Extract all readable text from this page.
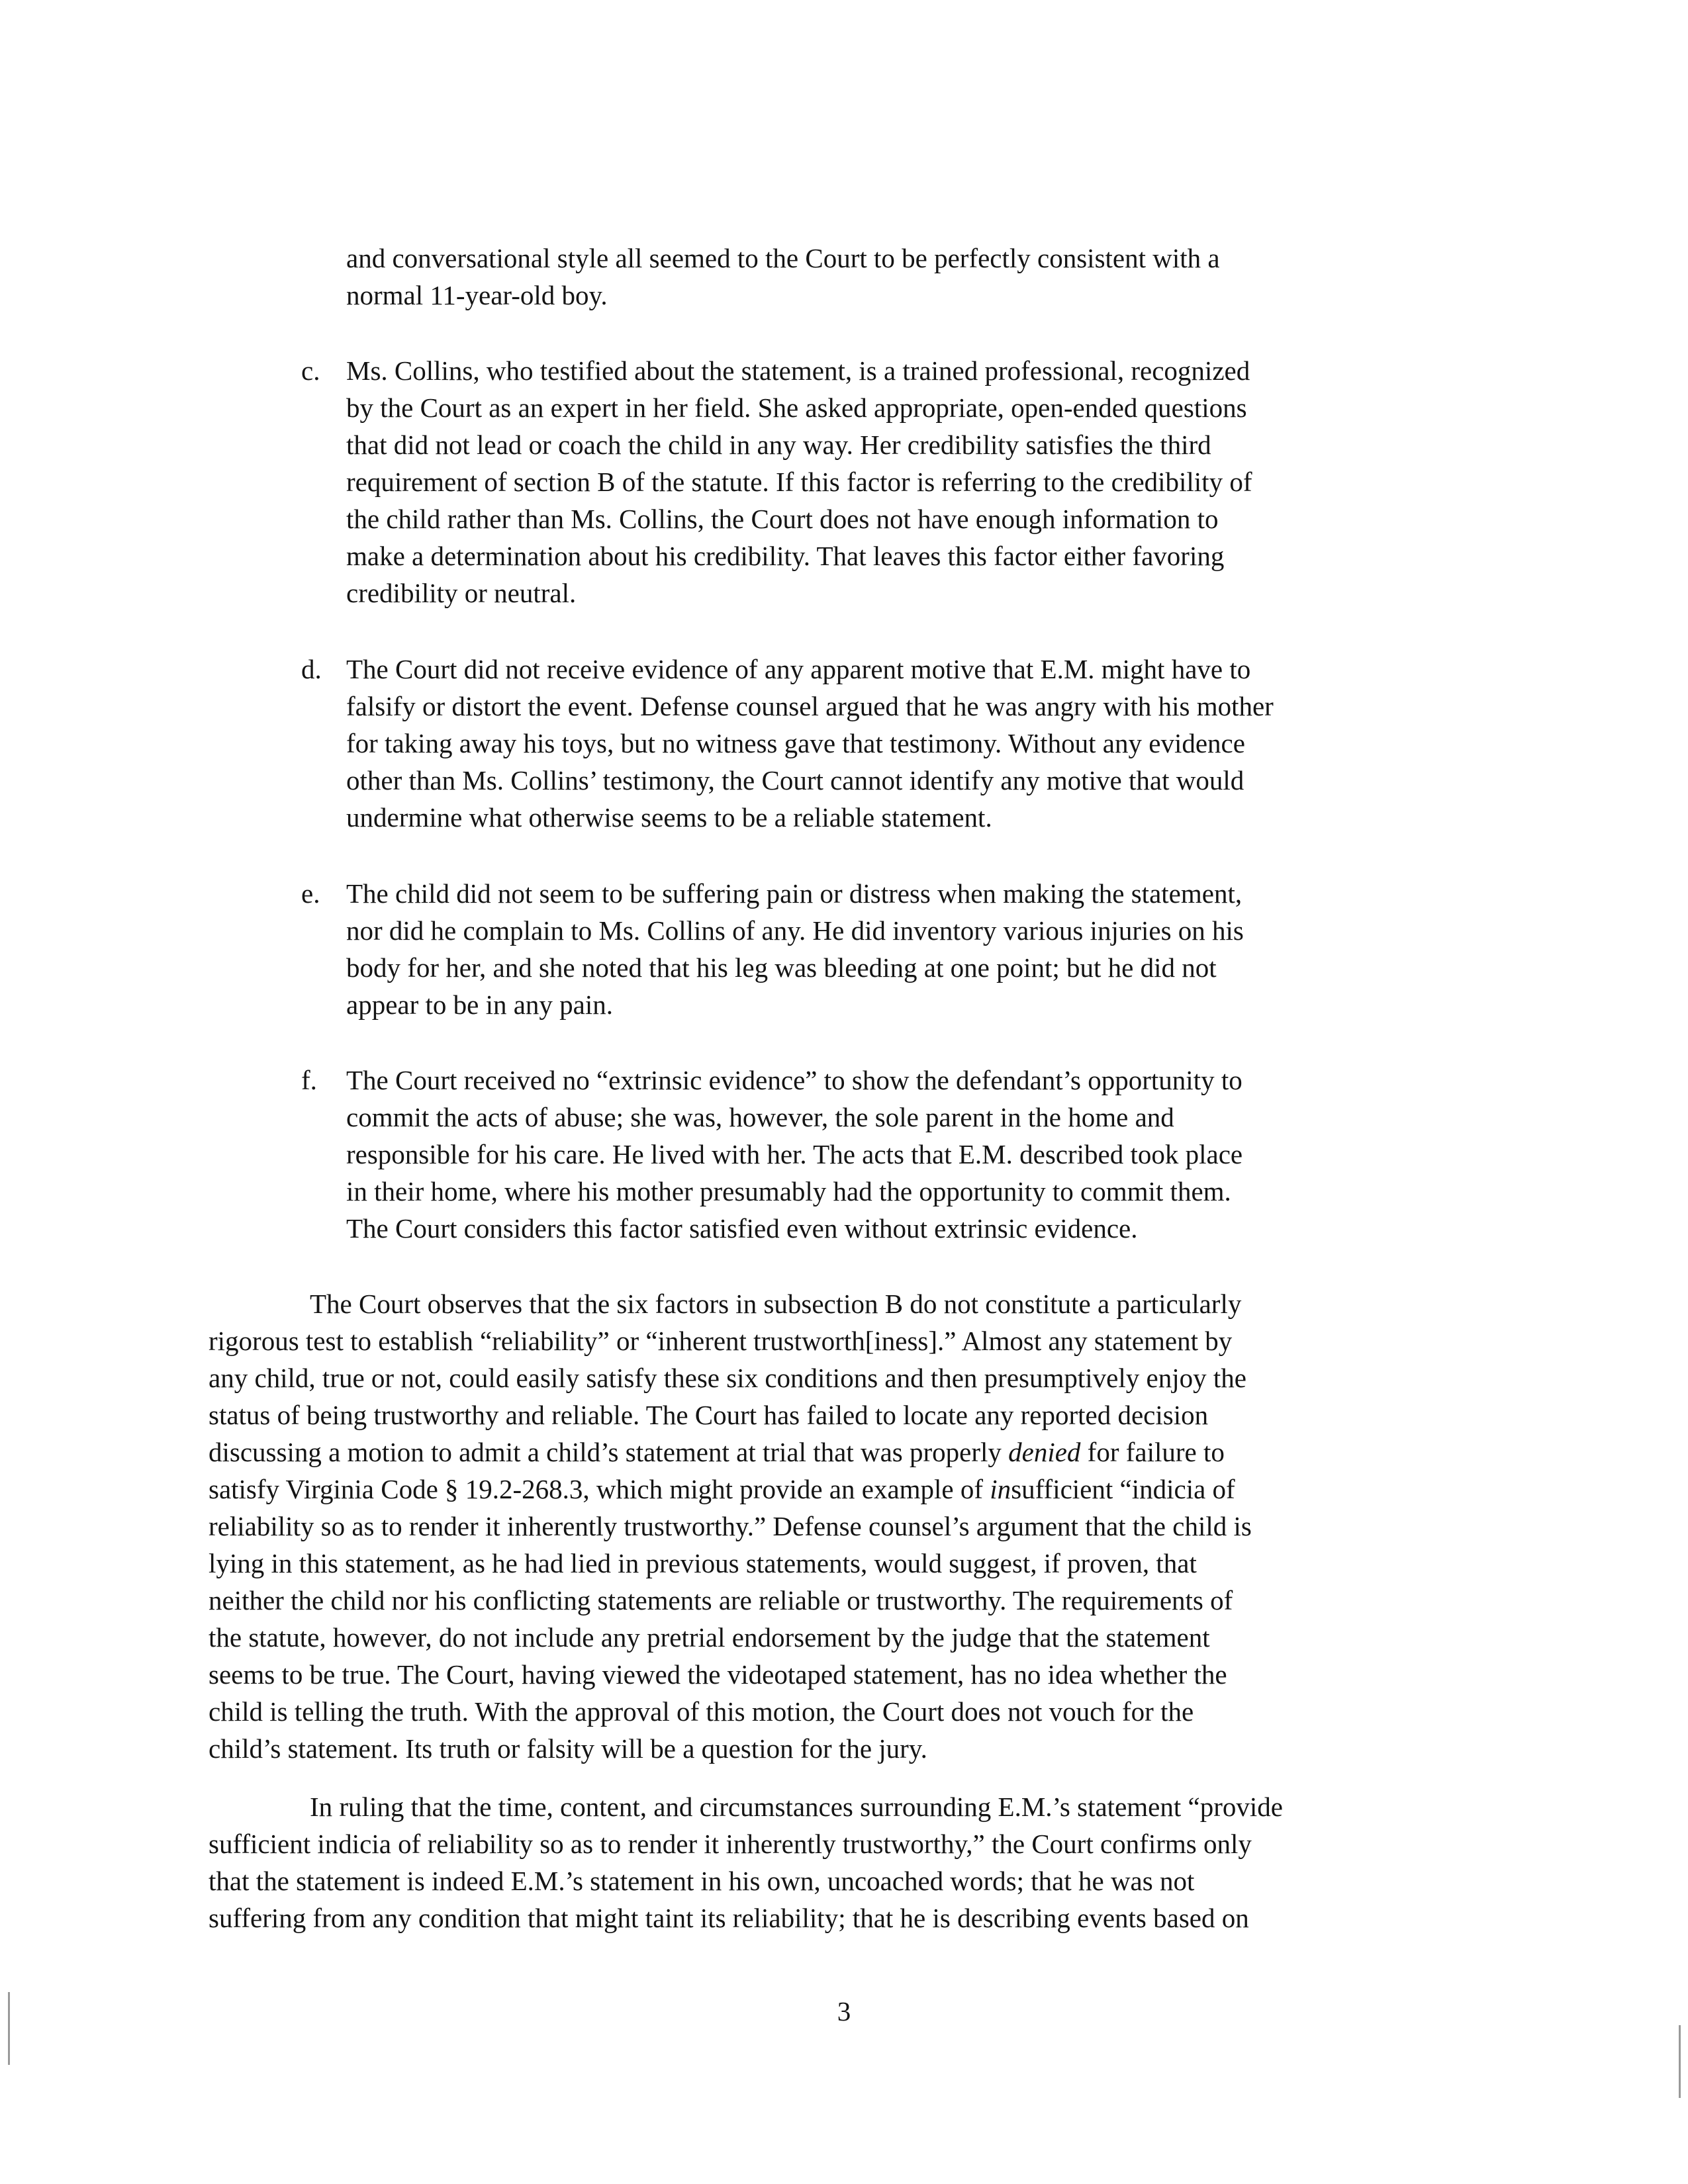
and conversational style all seemed to the Court to be perfectly consistent with a
normal 11-year-old boy.
c. Ms. Collins, who testified about the statement, is a trained professional, recognized
by the Court as an expert in her field. She asked appropriate, open-ended questions
that did not lead or coach the child in any way. Her credibility satisfies the third
requirement of section B of the statute. If this factor is referring to the credibility of
the child rather than Ms. Collins, the Court does not have enough information to
make a determination about his credibility. That leaves this factor either favoring
credibility or neutral.
d. The Court did not receive evidence of any apparent motive that E.M. might have to
falsify or distort the event. Defense counsel argued that he was angry with his mother
for taking away his toys, but no witness gave that testimony. Without any evidence
other than Ms. Collins’ testimony, the Court cannot identify any motive that would
undermine what otherwise seems to be a reliable statement.
e. The child did not seem to be suffering pain or distress when making the statement,
nor did he complain to Ms. Collins of any. He did inventory various injuries on his
body for her, and she noted that his leg was bleeding at one point; but he did not
appear to be in any pain.
f. The Court received no “extrinsic evidence” to show the defendant’s opportunity to
commit the acts of abuse; she was, however, the sole parent in the home and
responsible for his care. He lived with her. The acts that E.M. described took place
in their home, where his mother presumably had the opportunity to commit them.
The Court considers this factor satisfied even without extrinsic evidence.
The Court observes that the six factors in subsection B do not constitute a particularly
rigorous test to establish “reliability” or “inherent trustworth[iness].” Almost any statement by
any child, true or not, could easily satisfy these six conditions and then presumptively enjoy the
status of being trustworthy and reliable. The Court has failed to locate any reported decision
discussing a motion to admit a child’s statement at trial that was properly denied for failure to
satisfy Virginia Code § 19.2-268.3, which might provide an example of insufficient “indicia of
reliability so as to render it inherently trustworthy.” Defense counsel’s argument that the child is
lying in this statement, as he had lied in previous statements, would suggest, if proven, that
neither the child nor his conflicting statements are reliable or trustworthy. The requirements of
the statute, however, do not include any pretrial endorsement by the judge that the statement
seems to be true. The Court, having viewed the videotaped statement, has no idea whether the
child is telling the truth. With the approval of this motion, the Court does not vouch for the
child’s statement. Its truth or falsity will be a question for the jury.
In ruling that the time, content, and circumstances surrounding E.M.’s statement “provide
sufficient indicia of reliability so as to render it inherently trustworthy,” the Court confirms only
that the statement is indeed E.M.’s statement in his own, uncoached words; that he was not
suffering from any condition that might taint its reliability; that he is describing events based on
3
